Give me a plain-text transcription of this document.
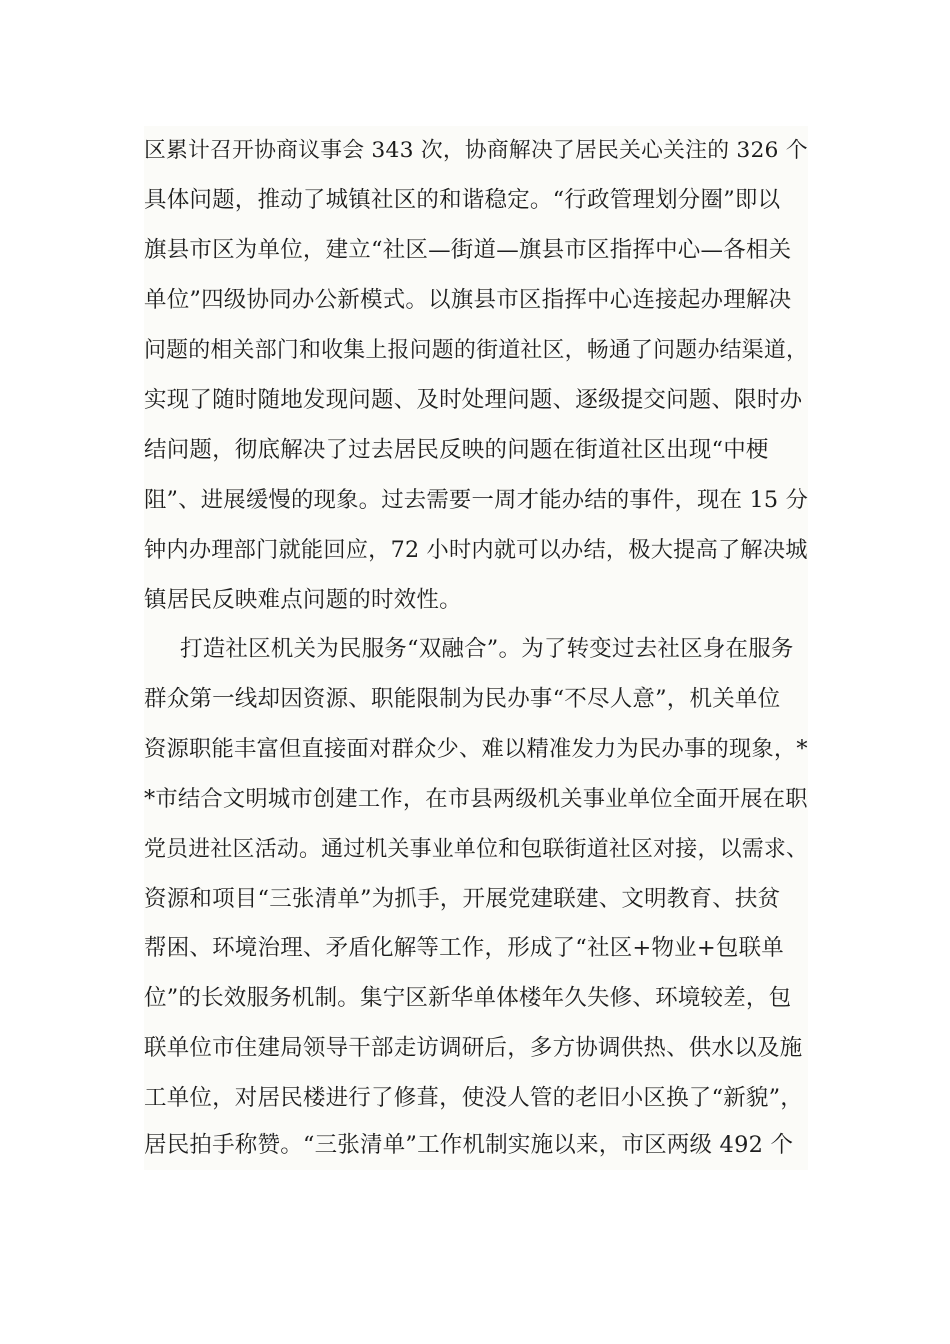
区累计召开协商议事会 343 次，协商解决了居民关心关注的 326 个
具体问题，推动了城镇社区的和谐稳定。“行政管理划分圈”即以
旗县市区为单位，建立“社区—街道—旗县市区指挥中心—各相关
单位”四级协同办公新模式。以旗县市区指挥中心连接起办理解决
问题的相关部门和收集上报问题的街道社区，畅通了问题办结渠道，
实现了随时随地发现问题、及时处理问题、逐级提交问题、限时办
结问题，彻底解决了过去居民反映的问题在街道社区出现“中梗
阻”、进展缓慢的现象。过去需要一周才能办结的事件，现在 15 分
钟内办理部门就能回应，72 小时内就可以办结，极大提高了解决城
镇居民反映难点问题的时效性。
打造社区机关为民服务“双融合”。为了转变过去社区身在服务
群众第一线却因资源、职能限制为民办事“不尽人意”，机关单位
资源职能丰富但直接面对群众少、难以精准发力为民办事的现象，*
*市结合文明城市创建工作，在市县两级机关事业单位全面开展在职
党员进社区活动。通过机关事业单位和包联街道社区对接，以需求、
资源和项目“三张清单”为抓手，开展党建联建、文明教育、扶贫
帮困、环境治理、矛盾化解等工作，形成了“社区+物业+包联单
位”的长效服务机制。集宁区新华单体楼年久失修、环境较差，包
联单位市住建局领导干部走访调研后，多方协调供热、供水以及施
工单位，对居民楼进行了修葺，使没人管的老旧小区换了“新貌”，
居民拍手称赞。“三张清单”工作机制实施以来，市区两级 492 个
